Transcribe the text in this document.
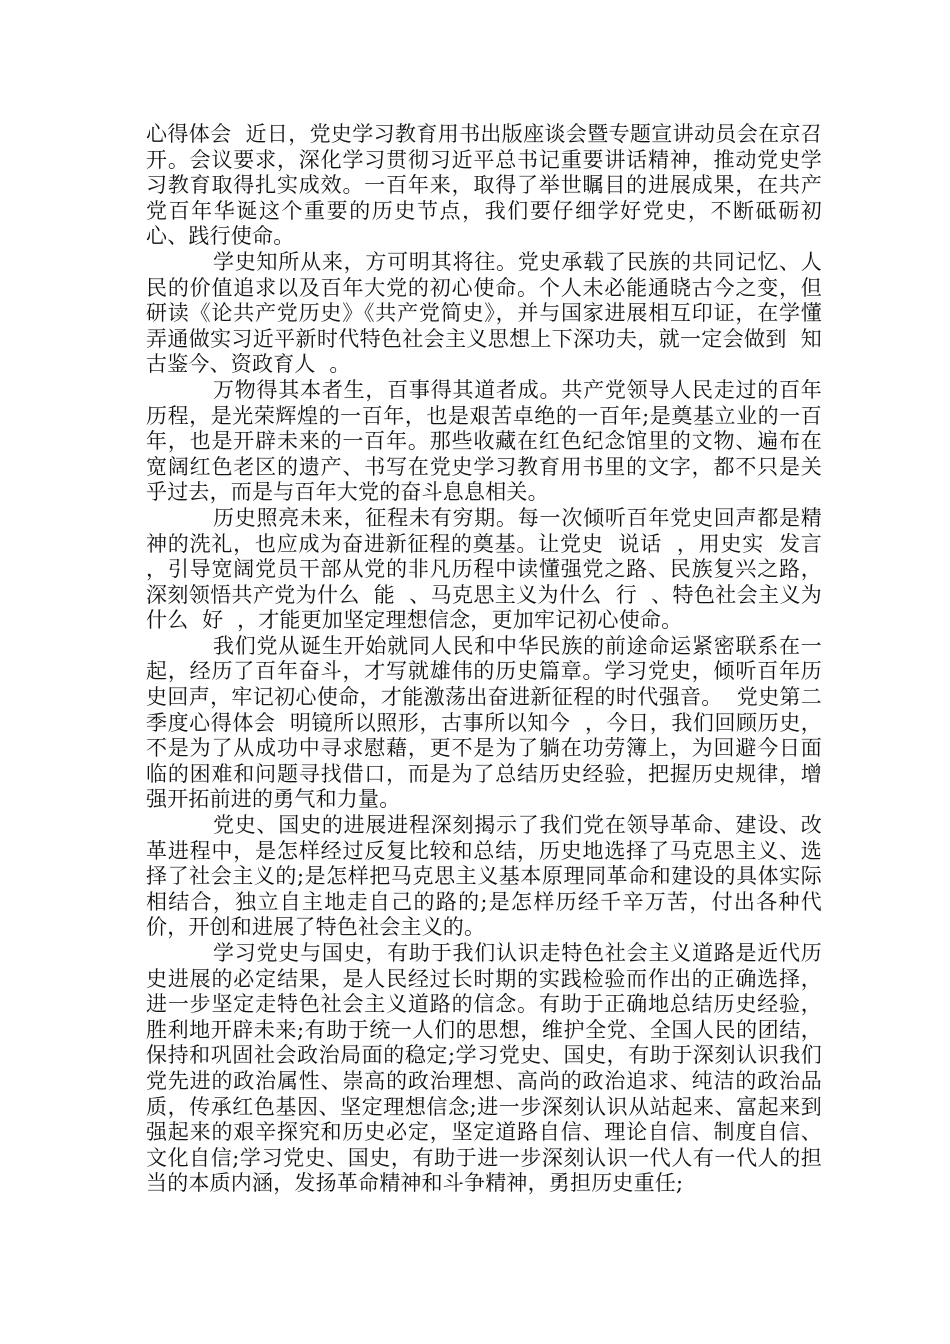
心得体会  近日，党史学习教育用书出版座谈会暨专题宣讲动员会在京召开。会议要求，深化学习贯彻习近平总书记重要讲话精神，推动党史学习教育取得扎实成效。一百年来，取得了举世瞩目的进展成果，在共产党百年华诞这个重要的历史节点，我们要仔细学好党史，不断砥砺初心、践行使命。

学史知所从来，方可明其将往。党史承载了民族的共同记忆、人民的价值追求以及百年大党的初心使命。个人未必能通晓古今之变，但研读《论共产党历史》《共产党简史》，并与国家进展相互印证，在学懂弄通做实习近平新时代特色社会主义思想上下深功夫，就一定会做到  知古鉴今、资政育人  。

万物得其本者生，百事得其道者成。共产党领导人民走过的百年历程，是光荣辉煌的一百年，也是艰苦卓绝的一百年;是奠基立业的一百年，也是开辟未来的一百年。那些收藏在红色纪念馆里的文物、遍布在宽阔红色老区的遗产、书写在党史学习教育用书里的文字，都不只是关乎过去，而是与百年大党的奋斗息息相关。

历史照亮未来，征程未有穷期。每一次倾听百年党史回声都是精神的洗礼，也应成为奋进新征程的奠基。让党史  说话  ，用史实  发言  ，引导宽阔党员干部从党的非凡历程中读懂强党之路、民族复兴之路，深刻领悟共产党为什么  能  、马克思主义为什么  行  、特色社会主义为什么  好  ，才能更加坚定理想信念，更加牢记初心使命。

我们党从诞生开始就同人民和中华民族的前途命运紧密联系在一起，经历了百年奋斗，才写就雄伟的历史篇章。学习党史，倾听百年历史回声，牢记初心使命，才能激荡出奋进新征程的时代强音。  党史第二季度心得体会  明镜所以照形，古事所以知今  ，今日，我们回顾历史，不是为了从成功中寻求慰藉，更不是为了躺在功劳簿上，为回避今日面临的困难和问题寻找借口，而是为了总结历史经验，把握历史规律，增强开拓前进的勇气和力量。

党史、国史的进展进程深刻揭示了我们党在领导革命、建设、改革进程中，是怎样经过反复比较和总结，历史地选择了马克思主义、选择了社会主义的;是怎样把马克思主义基本原理同革命和建设的具体实际相结合，独立自主地走自己的路的;是怎样历经千辛万苦，付出各种代价，开创和进展了特色社会主义的。

学习党史与国史，有助于我们认识走特色社会主义道路是近代历史进展的必定结果，是人民经过长时期的实践检验而作出的正确选择，进一步坚定走特色社会主义道路的信念。有助于正确地总结历史经验，胜利地开辟未来;有助于统一人们的思想，维护全党、全国人民的团结，保持和巩固社会政治局面的稳定;学习党史、国史，有助于深刻认识我们党先进的政治属性、崇高的政治理想、高尚的政治追求、纯洁的政治品质，传承红色基因、坚定理想信念;进一步深刻认识从站起来、富起来到强起来的艰辛探究和历史必定，坚定道路自信、理论自信、制度自信、文化自信;学习党史、国史，有助于进一步深刻认识一代人有一代人的担当的本质内涵，发扬革命精神和斗争精神，勇担历史重任;
